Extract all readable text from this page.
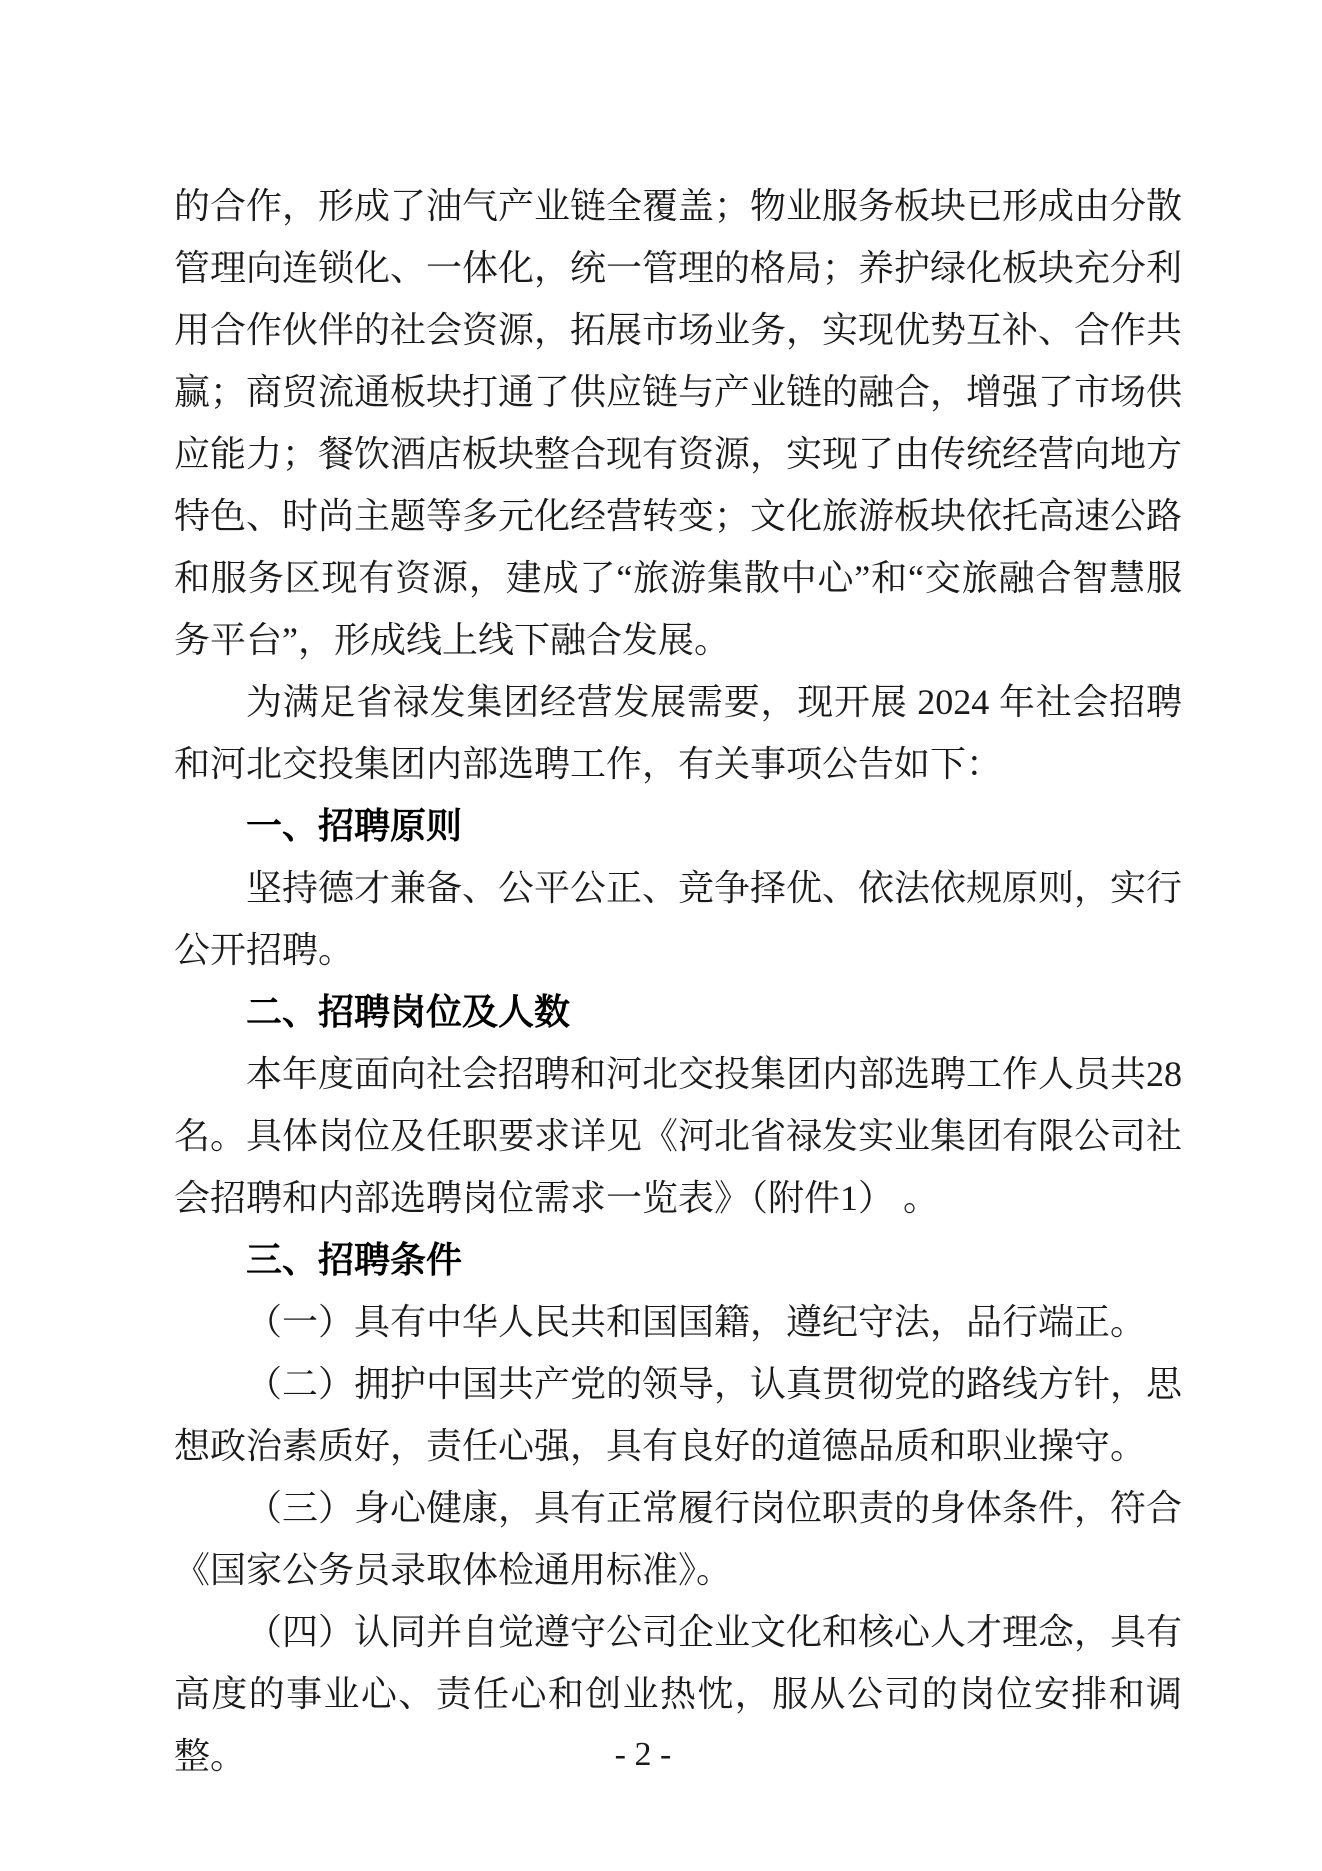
的合作，形成了油气产业链全覆盖；物业服务板块已形成由分散管理向连锁化、一体化，统一管理的格局；养护绿化板块充分利用合作伙伴的社会资源，拓展市场业务，实现优势互补、合作共赢；商贸流通板块打通了供应链与产业链的融合，增强了市场供应能力；餐饮酒店板块整合现有资源，实现了由传统经营向地方特色、时尚主题等多元化经营转变；文化旅游板块依托高速公路和服务区现有资源，建成了“旅游集散中心”和“交旅融合智慧服务平台”，形成线上线下融合发展。

为满足省禄发集团经营发展需要，现开展 2024 年社会招聘和河北交投集团内部选聘工作，有关事项公告如下：

一、招聘原则

坚持德才兼备、公平公正、竞争择优、依法依规原则，实行公开招聘。

二、招聘岗位及人数

本年度面向社会招聘和河北交投集团内部选聘工作人员共28名。具体岗位及任职要求详见《河北省禄发实业集团有限公司社会招聘和内部选聘岗位需求一览表》（附件1） 。

三、招聘条件

（一）具有中华人民共和国国籍，遵纪守法，品行端正。

（二）拥护中国共产党的领导，认真贯彻党的路线方针，思想政治素质好，责任心强，具有良好的道德品质和职业操守。

（三）身心健康，具有正常履行岗位职责的身体条件，符合《国家公务员录取体检通用标准》。

（四）认同并自觉遵守公司企业文化和核心人才理念，具有高度的事业心、责任心和创业热忱，服从公司的岗位安排和调整。	- 2 -
